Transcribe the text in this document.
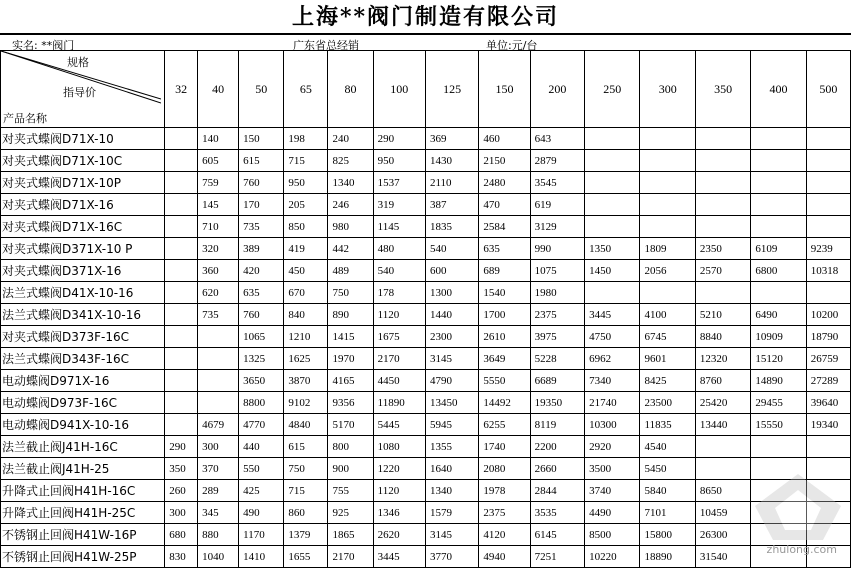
上海**阀门制造有限公司
实名: **阀门	广东省总经销	单位:元/台
规格
指导价
产品名称	32	40	50	65	80	100	125	150	200	250	300	350	400	500
对夹式蝶阀D71X-10		140	150	198	240	290	369	460	643					
对夹式蝶阀D71X-10C		605	615	715	825	950	1430	2150	2879					
对夹式蝶阀D71X-10P		759	760	950	1340	1537	2110	2480	3545					
对夹式蝶阀D71X-16		145	170	205	246	319	387	470	619					
对夹式蝶阀D71X-16C		710	735	850	980	1145	1835	2584	3129					
对夹式蝶阀D371X-10 P		320	389	419	442	480	540	635	990	1350	1809	2350	6109	9239
对夹式蝶阀D371X-16		360	420	450	489	540	600	689	1075	1450	2056	2570	6800	10318
法兰式蝶阀D41X-10-16		620	635	670	750	178	1300	1540	1980					
法兰式蝶阀D341X-10-16		735	760	840	890	1120	1440	1700	2375	3445	4100	5210	6490	10200
对夹式蝶阀D373F-16C			1065	1210	1415	1675	2300	2610	3975	4750	6745	8840	10909	18790
法兰式蝶阀D343F-16C			1325	1625	1970	2170	3145	3649	5228	6962	9601	12320	15120	26759
电动蝶阀D971X-16			3650	3870	4165	4450	4790	5550	6689	7340	8425	8760	14890	27289
电动蝶阀D973F-16C			8800	9102	9356	11890	13450	14492	19350	21740	23500	25420	29455	39640
电动蝶阀D941X-10-16		4679	4770	4840	5170	5445	5945	6255	8119	10300	11835	13440	15550	19340
法兰截止阀J41H-16C	290	300	440	615	800	1080	1355	1740	2200	2920	4540			
法兰截止阀J41H-25	350	370	550	750	900	1220	1640	2080	2660	3500	5450			
升降式止回阀H41H-16C	260	289	425	715	755	1120	1340	1978	2844	3740	5840	8650		
升降式止回阀H41H-25C	300	345	490	860	925	1346	1579	2375	3535	4490	7101	10459		
不锈钢止回阀H41W-16P	680	880	1170	1379	1865	2620	3145	4120	6145	8500	15800	26300		
不锈钢止回阀H41W-25P	830	1040	1410	1655	2170	3445	3770	4940	7251	10220	18890	31540		
zhulong.com
